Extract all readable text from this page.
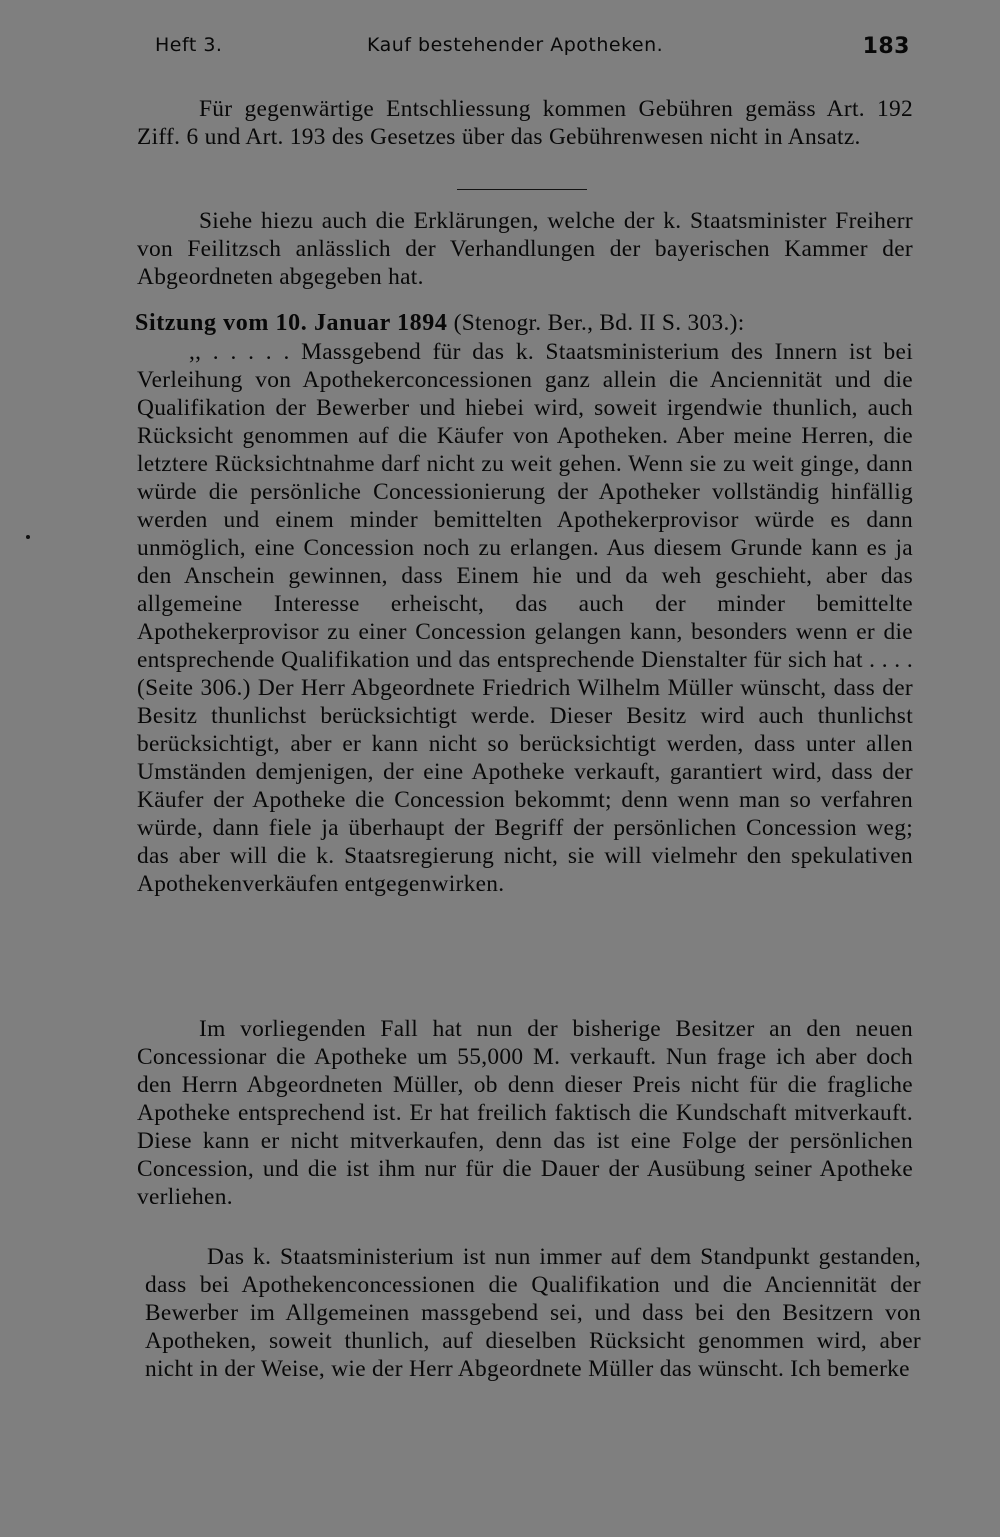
Heft 3.	Kauf bestehender Apotheken.	183

Für gegenwärtige Entschliessung kommen Gebühren gemäss Art. 192 Ziff. 6 und Art. 193 des Gesetzes über das Gebührenwesen nicht in Ansatz.

Siehe hiezu auch die Erklärungen, welche der k. Staatsminister Freiherr von Feilitzsch anlässlich der Verhandlungen der bayerischen Kammer der Abgeordneten abgegeben hat.

Sitzung vom 10. Januar 1894 (Stenogr. Ber., Bd. II S. 303.):

,, . . . . . Massgebend für das k. Staatsministerium des Innern ist bei Verleihung von Apothekerconcessionen ganz allein die Anciennität und die Qualifikation der Bewerber und hiebei wird, soweit irgendwie thunlich, auch Rücksicht genommen auf die Käufer von Apotheken. Aber meine Herren, die letztere Rücksichtnahme darf nicht zu weit gehen. Wenn sie zu weit ginge, dann würde die persönliche Concessionierung der Apotheker vollständig hinfällig werden und einem minder bemittelten Apothekerprovisor würde es dann unmöglich, eine Concession noch zu erlangen. Aus diesem Grunde kann es ja den Anschein gewinnen, dass Einem hie und da weh geschieht, aber das allgemeine Interesse erheischt, das auch der minder bemittelte Apothekerprovisor zu einer Concession gelangen kann, besonders wenn er die entsprechende Qualifikation und das entsprechende Dienstalter für sich hat . . . . (Seite 306.) Der Herr Abgeordnete Friedrich Wilhelm Müller wünscht, dass der Besitz thunlichst berücksichtigt werde. Dieser Besitz wird auch thunlichst berücksichtigt, aber er kann nicht so berücksichtigt werden, dass unter allen Umständen demjenigen, der eine Apotheke verkauft, garantiert wird, dass der Käufer der Apotheke die Concession bekommt; denn wenn man so verfahren würde, dann fiele ja überhaupt der Begriff der persönlichen Concession weg; das aber will die k. Staatsregierung nicht, sie will vielmehr den spekulativen Apothekenverkäufen entgegenwirken.

Im vorliegenden Fall hat nun der bisherige Besitzer an den neuen Concessionar die Apotheke um 55,000 M. verkauft. Nun frage ich aber doch den Herrn Abgeordneten Müller, ob denn dieser Preis nicht für die fragliche Apotheke entsprechend ist. Er hat freilich faktisch die Kundschaft mitverkauft. Diese kann er nicht mitverkaufen, denn das ist eine Folge der persönlichen Concession, und die ist ihm nur für die Dauer der Ausübung seiner Apotheke verliehen.

Das k. Staatsministerium ist nun immer auf dem Standpunkt gestanden, dass bei Apothekenconcessionen die Qualifikation und die Anciennität der Bewerber im Allgemeinen massgebend sei, und dass bei den Besitzern von Apotheken, soweit thunlich, auf dieselben Rücksicht genommen wird, aber nicht in der Weise, wie der Herr Abgeordnete Müller das wünscht. Ich bemerke
